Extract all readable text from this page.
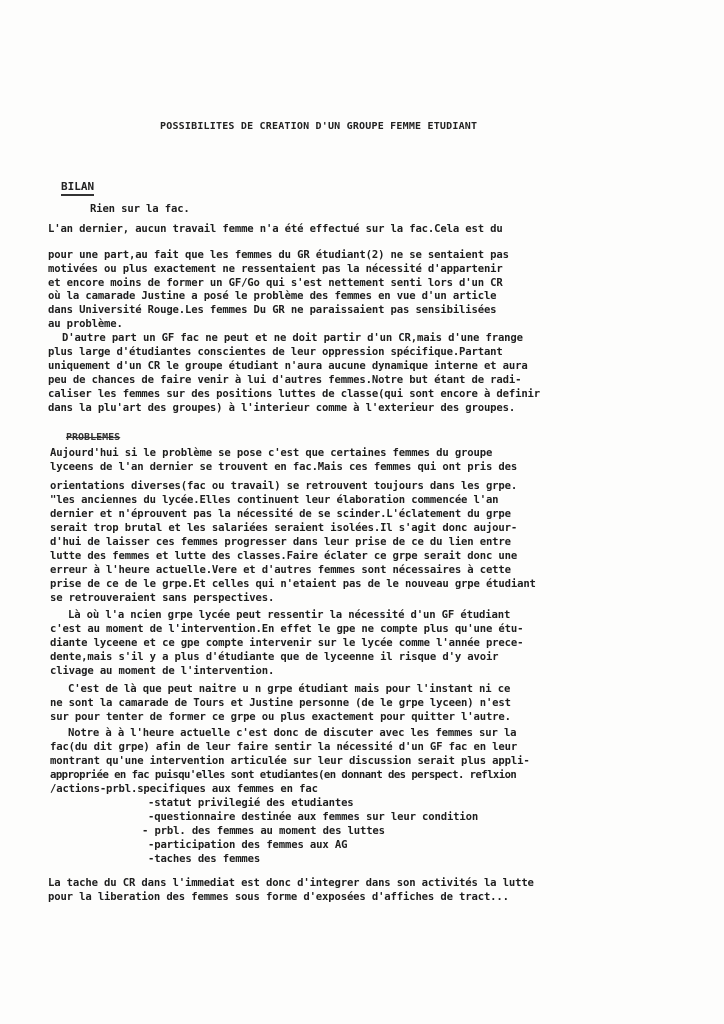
POSSIBILITES DE CREATION D'UN GROUPE FEMME ETUDIANT
BILAN
PROBLEMES
Rien sur la fac.
L'an dernier, aucun travail femme n'a été effectué sur la fac.Cela est du
pour une part,au fait que les femmes du GR étudiant(2) ne se sentaient pas
motivées ou plus exactement ne ressentaient pas la nécessité d'appartenir
et encore moins de former un GF/Go qui s'est nettement senti lors d'un CR
où la camarade Justine a posé le problème des femmes en vue d'un article
dans Université Rouge.Les femmes Du GR ne paraissaient pas sensibilisées
au problème.
D'autre part un GF fac ne peut et ne doit partir d'un CR,mais d'une frange
plus large d'étudiantes conscientes de leur oppression spécifique.Partant
uniquement d'un CR le groupe étudiant n'aura aucune dynamique interne et aura
peu de chances de faire venir à lui d'autres femmes.Notre but étant de radi-
caliser les femmes sur des positions luttes de classe(qui sont encore à definir
dans la plu'art des groupes) à l'interieur comme à l'exterieur des groupes.
Aujourd'hui si le problème se pose c'est que certaines femmes du groupe
lyceens de l'an dernier se trouvent en fac.Mais ces femmes qui ont pris des
orientations diverses(fac ou travail) se retrouvent toujours dans les grpe.
"les anciennes du lycée.Elles continuent leur élaboration commencée l'an
dernier et n'éprouvent pas la nécessité de se scinder.L'éclatement du grpe
serait trop brutal et les salariées seraient isolées.Il s'agit donc aujour-
d'hui de laisser ces femmes progresser dans leur prise de ce du lien entre
lutte des femmes et lutte des classes.Faire éclater ce grpe serait donc une
erreur à l'heure actuelle.Vere et d'autres femmes sont nécessaires à cette
prise de ce de le grpe.Et celles qui n'etaient pas de le nouveau grpe étudiant
se retrouveraient sans perspectives.
Là où l'a ncien grpe lycée peut ressentir la nécessité d'un GF étudiant
c'est au moment de l'intervention.En effet le gpe ne compte plus qu'une étu-
diante lyceene et ce gpe compte intervenir sur le lycée comme l'année prece-
dente,mais s'il y a plus d'étudiante que de lyceenne il risque d'y avoir
clivage au moment de l'intervention.
C'est de là que peut naitre u n grpe étudiant mais pour l'instant ni ce
ne sont la camarade de Tours et Justine personne (de le grpe lyceen) n'est
sur pour tenter de former ce grpe ou plus exactement pour quitter l'autre.
Notre à à l'heure actuelle c'est donc de discuter avec les femmes sur la
fac(du dit grpe) afin de leur faire sentir la nécessité d'un GF fac en leur
montrant qu'une intervention articulée sur leur discussion serait plus appli-
appropriée en fac puisqu'elles sont etudiantes(en donnant des perspect. reflxion
/actions-prbl.specifiques aux femmes en fac
-statut privilegié des etudiantes
-questionnaire destinée aux femmes sur leur condition
- prbl. des femmes au moment des luttes
-participation des femmes aux AG
-taches des femmes
La tache du CR dans l'immediat est donc d'integrer dans son activités la lutte
pour la liberation des femmes sous forme d'exposées d'affiches de tract...
